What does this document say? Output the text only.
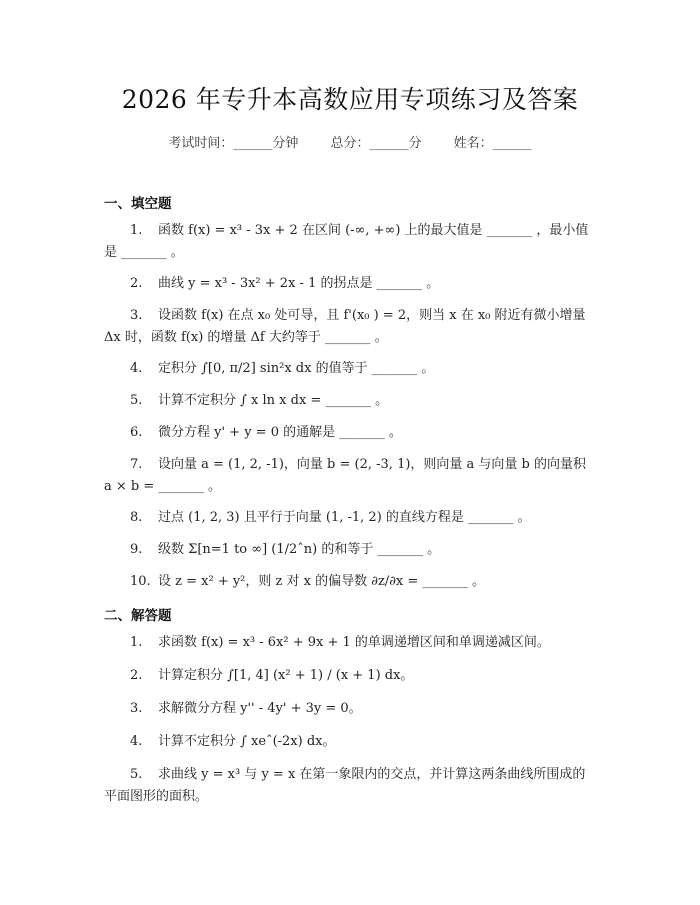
2026 年专升本高数应用专项练习及答案
考试时间：______分钟 总分：______分 姓名：______
一、填空题
1. 函数 f(x) = x³ - 3x + 2 在区间 (-∞, +∞) 上的最大值是 _______ ，最小值是 _______ 。
2. 曲线 y = x³ - 3x² + 2x - 1 的拐点是 _______ 。
3. 设函数 f(x) 在点 x₀ 处可导，且 f'(x₀ ) = 2，则当 x 在 x₀ 附近有微小增量 Δx 时，函数 f(x) 的增量 Δf 大约等于 _______ 。
4. 定积分 ∫[0, π/2] sin²x dx 的值等于 _______ 。
5. 计算不定积分 ∫ x ln x dx = _______ 。
6. 微分方程 y' + y = 0 的通解是 _______ 。
7. 设向量 a = (1, 2, -1)，向量 b = (2, -3, 1)，则向量 a 与向量 b 的向量积 a × b = _______ 。
8. 过点 (1, 2, 3) 且平行于向量 (1, -1, 2) 的直线方程是 _______ 。
9. 级数 Σ[n=1 to ∞] (1/2ˆn) 的和等于 _______ 。
10. 设 z = x² + y²，则 z 对 x 的偏导数 ∂z/∂x = _______ 。
二、解答题
1. 求函数 f(x) = x³ - 6x² + 9x + 1 的单调递增区间和单调递减区间。
2. 计算定积分 ∫[1, 4] (x² + 1) / (x + 1) dx。
3. 求解微分方程 y'' - 4y' + 3y = 0。
4. 计算不定积分 ∫ xeˆ(-2x) dx。
5. 求曲线 y = x³ 与 y = x 在第一象限内的交点，并计算这两条曲线所围成的平面图形的面积。
